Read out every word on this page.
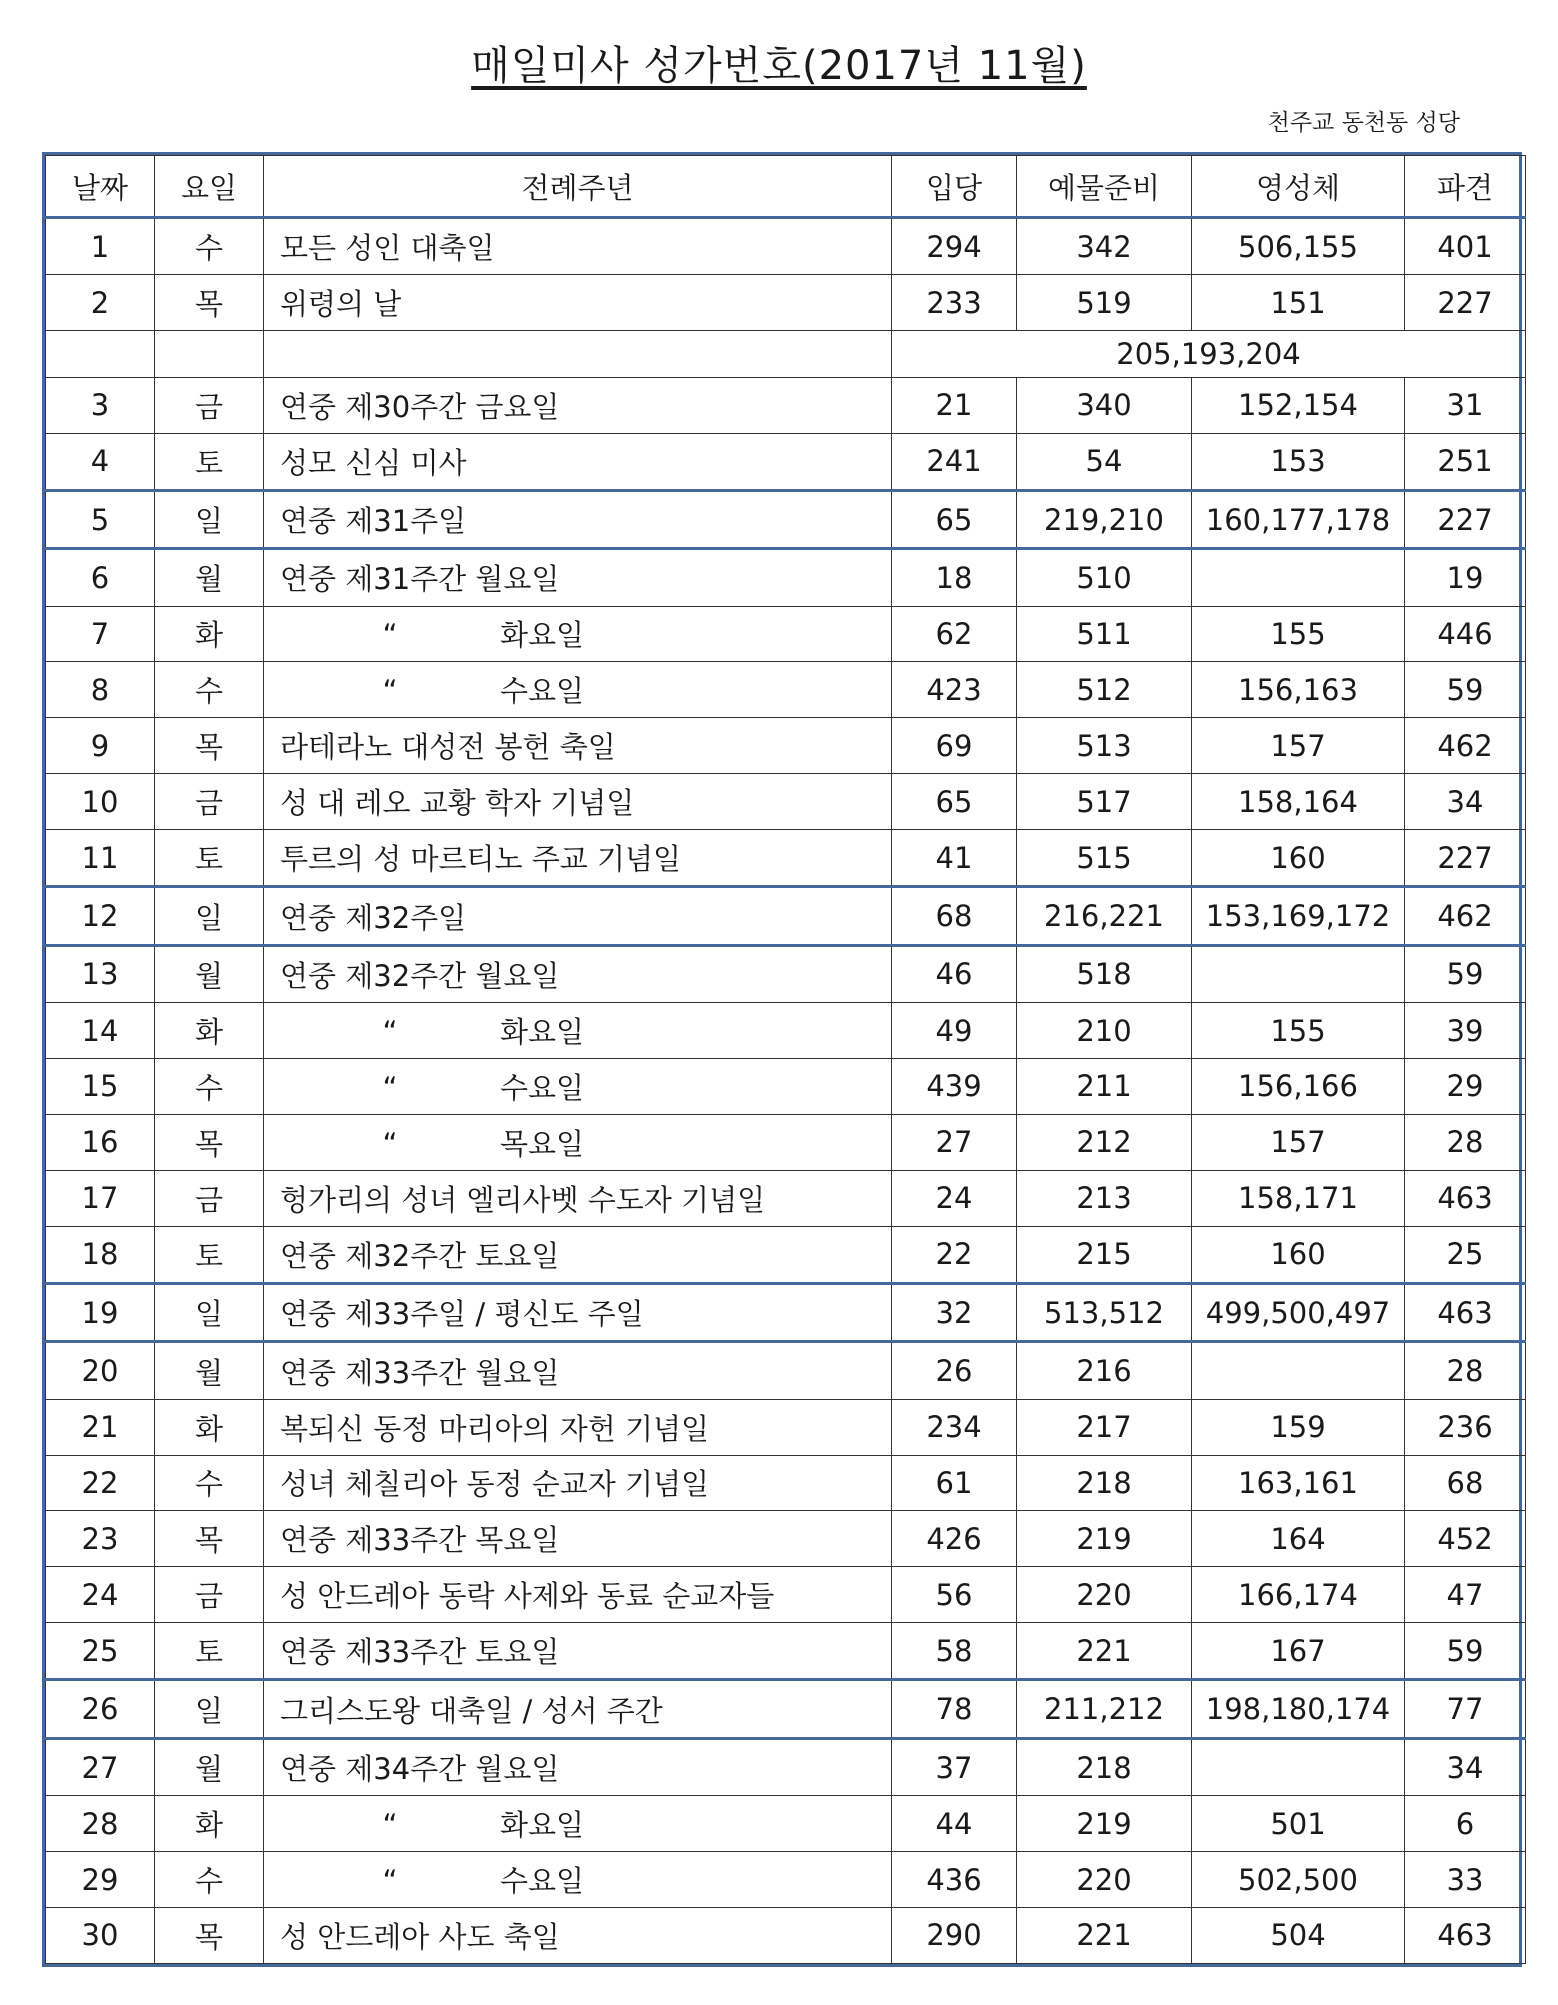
매일미사 성가번호(2017년 11월)
천주교 동천동 성당
날짜	요일	전례주년	입당	예물준비	영성체	파견
1	수	모든 성인 대축일	294	342	506,155	401
2	목	위령의 날	233	519	151	227
			205,193,204			
3	금	연중 제30주간 금요일	21	340	152,154	31
4	토	성모 신심 미사	241	54	153	251
5	일	연중 제31주일	65	219,210	160,177,178	227
6	월	연중 제31주간 월요일	18	510		19
7	화	“ 화요일	62	511	155	446
8	수	“ 수요일	423	512	156,163	59
9	목	라테라노 대성전 봉헌 축일	69	513	157	462
10	금	성 대 레오 교황 학자 기념일	65	517	158,164	34
11	토	투르의 성 마르티노 주교 기념일	41	515	160	227
12	일	연중 제32주일	68	216,221	153,169,172	462
13	월	연중 제32주간 월요일	46	518		59
14	화	“ 화요일	49	210	155	39
15	수	“ 수요일	439	211	156,166	29
16	목	“ 목요일	27	212	157	28
17	금	헝가리의 성녀 엘리사벳 수도자 기념일	24	213	158,171	463
18	토	연중 제32주간 토요일	22	215	160	25
19	일	연중 제33주일 / 평신도 주일	32	513,512	499,500,497	463
20	월	연중 제33주간 월요일	26	216		28
21	화	복되신 동정 마리아의 자헌 기념일	234	217	159	236
22	수	성녀 체칠리아 동정 순교자 기념일	61	218	163,161	68
23	목	연중 제33주간 목요일	426	219	164	452
24	금	성 안드레아 동락 사제와 동료 순교자들	56	220	166,174	47
25	토	연중 제33주간 토요일	58	221	167	59
26	일	그리스도왕 대축일 / 성서 주간	78	211,212	198,180,174	77
27	월	연중 제34주간 월요일	37	218		34
28	화	“ 화요일	44	219	501	6
29	수	“ 수요일	436	220	502,500	33
30	목	성 안드레아 사도 축일	290	221	504	463
